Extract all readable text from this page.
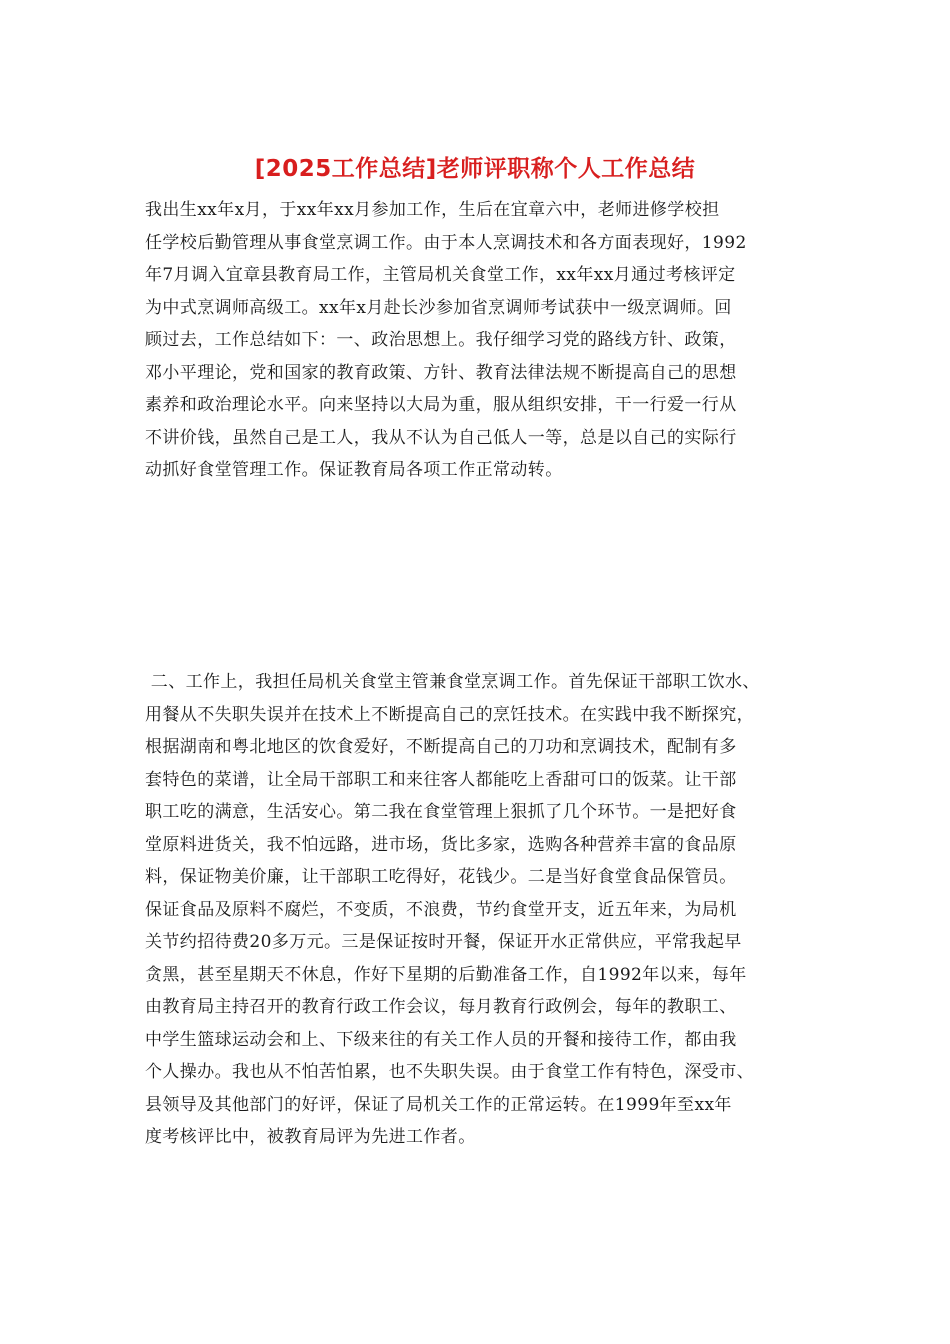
[2025工作总结]老师评职称个人工作总结
我出生xx年x月，于xx年xx月参加工作，生后在宜章六中，老师进修学校担
任学校后勤管理从事食堂烹调工作。由于本人烹调技术和各方面表现好，1992
年7月调入宜章县教育局工作，主管局机关食堂工作，xx年xx月通过考核评定
为中式烹调师高级工。xx年x月赴长沙参加省烹调师考试获中一级烹调师。回
顾过去，工作总结如下：一、政治思想上。我仔细学习党的路线方针、政策，
邓小平理论，党和国家的教育政策、方针、教育法律法规不断提高自己的思想
素养和政治理论水平。向来坚持以大局为重，服从组织安排，干一行爱一行从
不讲价钱，虽然自己是工人，我从不认为自己低人一等，总是以自己的实际行
动抓好食堂管理工作。保证教育局各项工作正常动转。
二、工作上，我担任局机关食堂主管兼食堂烹调工作。首先保证干部职工饮水、
用餐从不失职失误并在技术上不断提高自己的烹饪技术。在实践中我不断探究，
根据湖南和粤北地区的饮食爱好，不断提高自己的刀功和烹调技术，配制有多
套特色的菜谱，让全局干部职工和来往客人都能吃上香甜可口的饭菜。让干部
职工吃的满意，生活安心。第二我在食堂管理上狠抓了几个环节。一是把好食
堂原料进货关，我不怕远路，进市场，货比多家，选购各种营养丰富的食品原
料，保证物美价廉，让干部职工吃得好，花钱少。二是当好食堂食品保管员。
保证食品及原料不腐烂，不变质，不浪费，节约食堂开支，近五年来，为局机
关节约招待费20多万元。三是保证按时开餐，保证开水正常供应，平常我起早
贪黑，甚至星期天不休息，作好下星期的后勤准备工作，自1992年以来，每年
由教育局主持召开的教育行政工作会议，每月教育行政例会，每年的教职工、
中学生篮球运动会和上、下级来往的有关工作人员的开餐和接待工作，都由我
个人操办。我也从不怕苦怕累，也不失职失误。由于食堂工作有特色，深受市、
县领导及其他部门的好评，保证了局机关工作的正常运转。在1999年至xx年
度考核评比中，被教育局评为先进工作者。
